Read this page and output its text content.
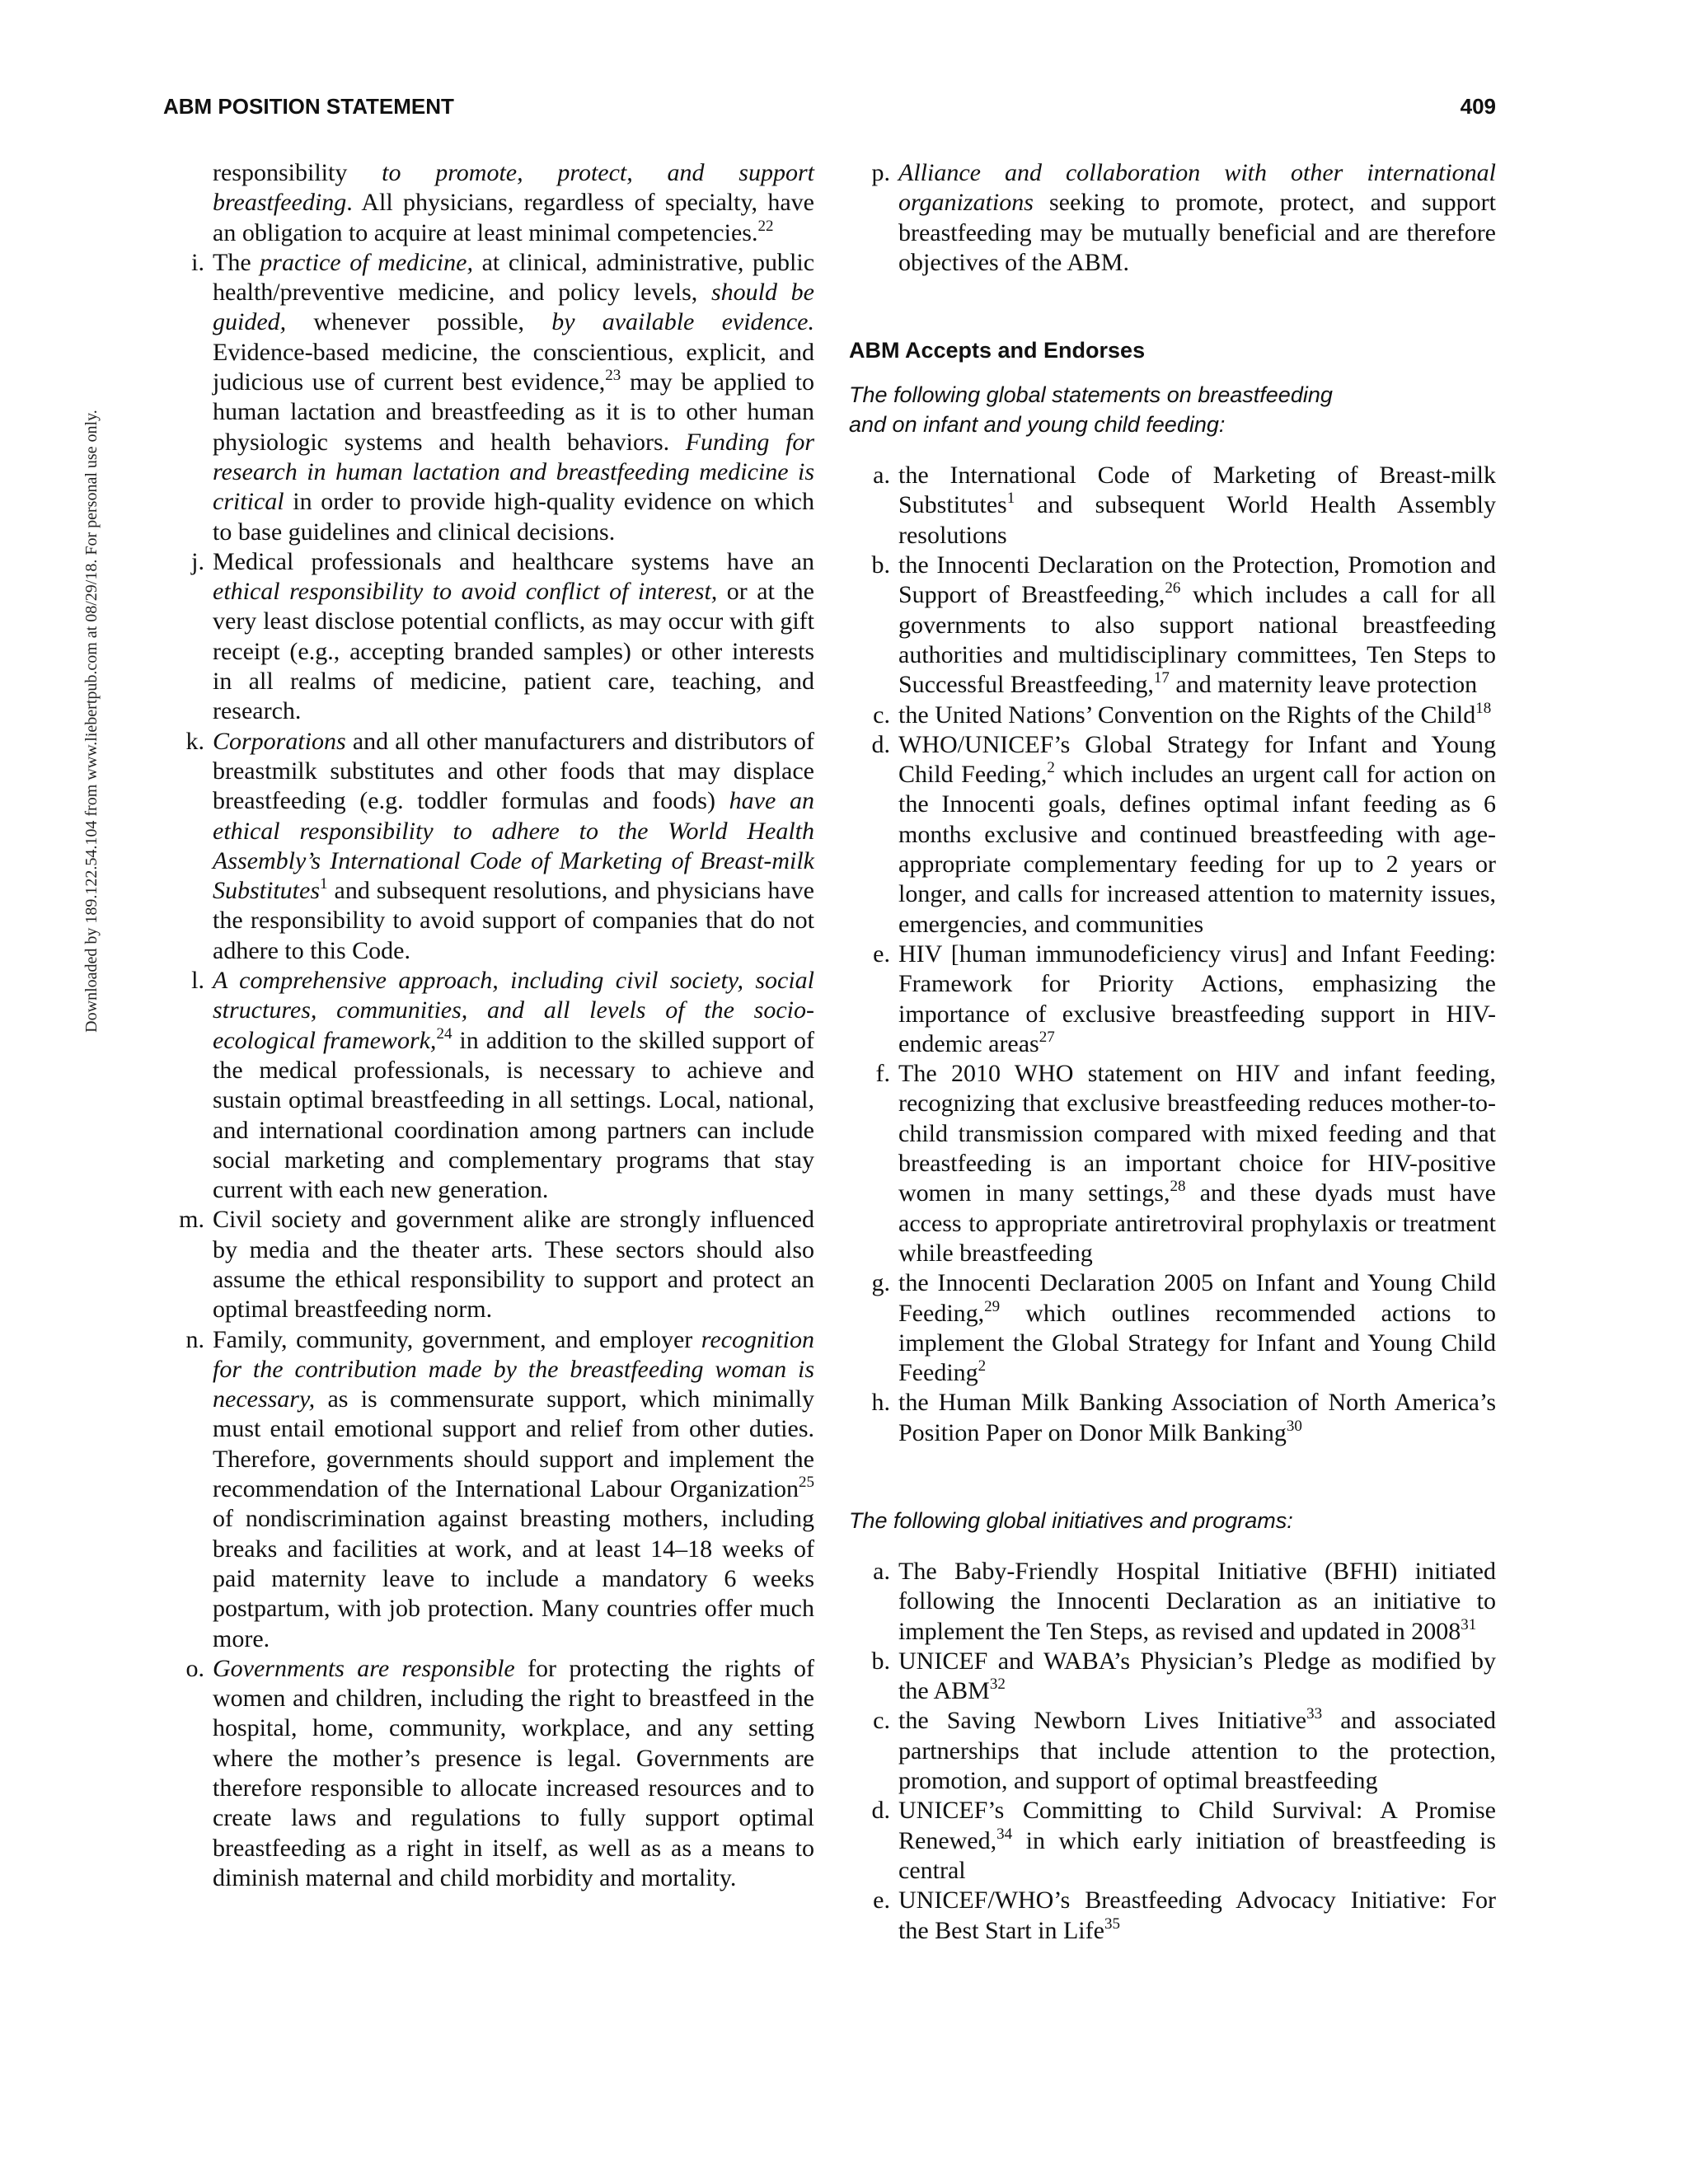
ABM POSITION STATEMENT	409
Downloaded by 189.122.54.104 from www.liebertpub.com at 08/29/18. For personal use only.

responsibility to promote, protect, and support breastfeeding. All physicians, regardless of specialty, have an obligation to acquire at least minimal competencies.$^{22}$

i. The practice of medicine, at clinical, administrative, public health/preventive medicine, and policy levels, should be guided, whenever possible, by available evidence. Evidence-based medicine, the conscientious, explicit, and judicious use of current best evidence,$^{23}$ may be applied to human lactation and breastfeeding as it is to other human physiologic systems and health behaviors. Funding for research in human lactation and breastfeeding medicine is critical in order to provide high-quality evidence on which to base guidelines and clinical decisions.

j. Medical professionals and healthcare systems have an ethical responsibility to avoid conflict of interest, or at the very least disclose potential conflicts, as may occur with gift receipt (e.g., accepting branded samples) or other interests in all realms of medicine, patient care, teaching, and research.

k. Corporations and all other manufacturers and distributors of breastmilk substitutes and other foods that may displace breastfeeding (e.g. toddler formulas and foods) have an ethical responsibility to adhere to the World Health Assembly’s International Code of Marketing of Breast-milk Substitutes$^1$ and subsequent resolutions, and physicians have the responsibility to avoid support of companies that do not adhere to this Code.

l. A comprehensive approach, including civil society, social structures, communities, and all levels of the socio-ecological framework,$^{24}$ in addition to the skilled support of the medical professionals, is necessary to achieve and sustain optimal breastfeeding in all settings. Local, national, and international coordination among partners can include social marketing and complementary programs that stay current with each new generation.

m. Civil society and government alike are strongly influenced by media and the theater arts. These sectors should also assume the ethical responsibility to support and protect an optimal breastfeeding norm.

n. Family, community, government, and employer recognition for the contribution made by the breastfeeding woman is necessary, as is commensurate support, which minimally must entail emotional support and relief from other duties. Therefore, governments should support and implement the recommendation of the International Labour Organization$^{25}$ of nondiscrimination against breasting mothers, including breaks and facilities at work, and at least 14–18 weeks of paid maternity leave to include a mandatory 6 weeks postpartum, with job protection. Many countries offer much more.

o. Governments are responsible for protecting the rights of women and children, including the right to breastfeed in the hospital, home, community, workplace, and any setting where the mother’s presence is legal. Governments are therefore responsible to allocate increased resources and to create laws and regulations to fully support optimal breastfeeding as a right in itself, as well as as a means to diminish maternal and child morbidity and mortality.

p. Alliance and collaboration with other international organizations seeking to promote, protect, and support breastfeeding may be mutually beneficial and are therefore objectives of the ABM.

ABM Accepts and Endorses

The following global statements on breastfeeding
and on infant and young child feeding:

a. the International Code of Marketing of Breast-milk Substitutes$^1$ and subsequent World Health Assembly resolutions

b. the Innocenti Declaration on the Protection, Promotion and Support of Breastfeeding,$^{26}$ which includes a call for all governments to also support national breastfeeding authorities and multidisciplinary committees, Ten Steps to Successful Breastfeeding,$^{17}$ and maternity leave protection

c. the United Nations’ Convention on the Rights of the Child$^{18}$

d. WHO/UNICEF’s Global Strategy for Infant and Young Child Feeding,$^2$ which includes an urgent call for action on the Innocenti goals, defines optimal infant feeding as 6 months exclusive and continued breastfeeding with age-appropriate complementary feeding for up to 2 years or longer, and calls for increased attention to maternity issues, emergencies, and communities

e. HIV [human immunodeficiency virus] and Infant Feeding: Framework for Priority Actions, emphasizing the importance of exclusive breastfeeding support in HIV-endemic areas$^{27}$

f. The 2010 WHO statement on HIV and infant feeding, recognizing that exclusive breastfeeding reduces mother-to-child transmission compared with mixed feeding and that breastfeeding is an important choice for HIV-positive women in many settings,$^{28}$ and these dyads must have access to appropriate antiretroviral prophylaxis or treatment while breastfeeding

g. the Innocenti Declaration 2005 on Infant and Young Child Feeding,$^{29}$ which outlines recommended actions to implement the Global Strategy for Infant and Young Child Feeding$^2$

h. the Human Milk Banking Association of North America’s Position Paper on Donor Milk Banking$^{30}$

The following global initiatives and programs:

a. The Baby-Friendly Hospital Initiative (BFHI) initiated following the Innocenti Declaration as an initiative to implement the Ten Steps, as revised and updated in 2008$^{31}$

b. UNICEF and WABA’s Physician’s Pledge as modified by the ABM$^{32}$

c. the Saving Newborn Lives Initiative$^{33}$ and associated partnerships that include attention to the protection, promotion, and support of optimal breastfeeding

d. UNICEF’s Committing to Child Survival: A Promise Renewed,$^{34}$ in which early initiation of breastfeeding is central

e. UNICEF/WHO’s Breastfeeding Advocacy Initiative: For the Best Start in Life$^{35}$
